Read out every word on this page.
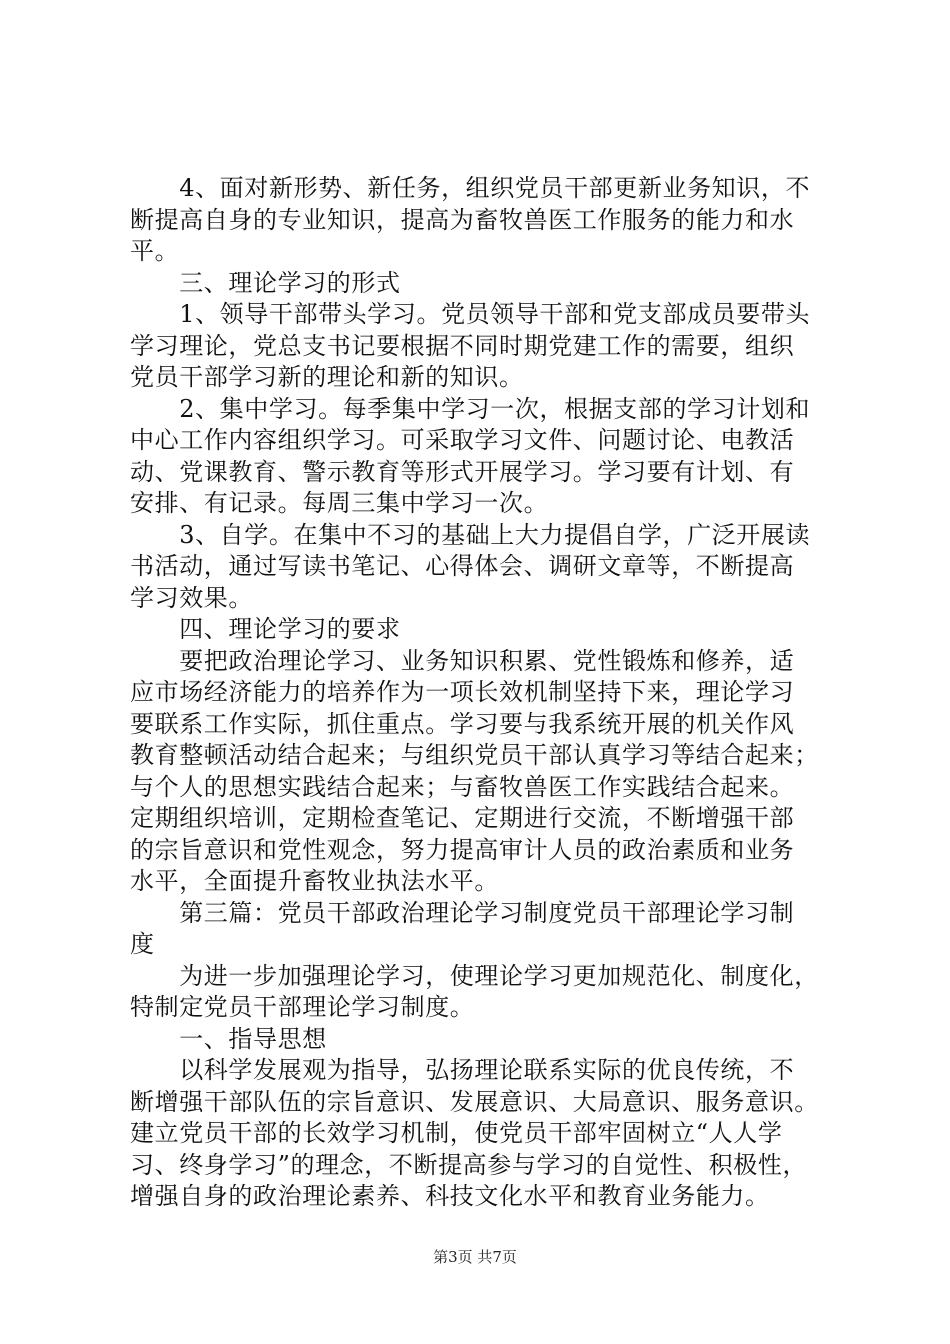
　　4、面对新形势、新任务，组织党员干部更新业务知识，不
断提高自身的专业知识，提高为畜牧兽医工作服务的能力和水
平。
　　三、理论学习的形式
　　1、领导干部带头学习。党员领导干部和党支部成员要带头
学习理论，党总支书记要根据不同时期党建工作的需要，组织
党员干部学习新的理论和新的知识。
　　2、集中学习。每季集中学习一次，根据支部的学习计划和
中心工作内容组织学习。可采取学习文件、问题讨论、电教活
动、党课教育、警示教育等形式开展学习。学习要有计划、有
安排、有记录。每周三集中学习一次。
　　3、自学。在集中不习的基础上大力提倡自学，广泛开展读
书活动，通过写读书笔记、心得体会、调研文章等，不断提高
学习效果。
　　四、理论学习的要求
　　要把政治理论学习、业务知识积累、党性锻炼和修养，适
应市场经济能力的培养作为一项长效机制坚持下来，理论学习
要联系工作实际，抓住重点。学习要与我系统开展的机关作风
教育整顿活动结合起来；与组织党员干部认真学习等结合起来；
与个人的思想实践结合起来；与畜牧兽医工作实践结合起来。
定期组织培训，定期检查笔记、定期进行交流，不断增强干部
的宗旨意识和党性观念，努力提高审计人员的政治素质和业务
水平，全面提升畜牧业执法水平。
　　第三篇：党员干部政治理论学习制度党员干部理论学习制
度
　　为进一步加强理论学习，使理论学习更加规范化、制度化，
特制定党员干部理论学习制度。
　　一、指导思想
　　以科学发展观为指导，弘扬理论联系实际的优良传统，不
断增强干部队伍的宗旨意识、发展意识、大局意识、服务意识。
建立党员干部的长效学习机制，使党员干部牢固树立“人人学
习、终身学习”的理念，不断提高参与学习的自觉性、积极性，
增强自身的政治理论素养、科技文化水平和教育业务能力。
第3页 共7页
